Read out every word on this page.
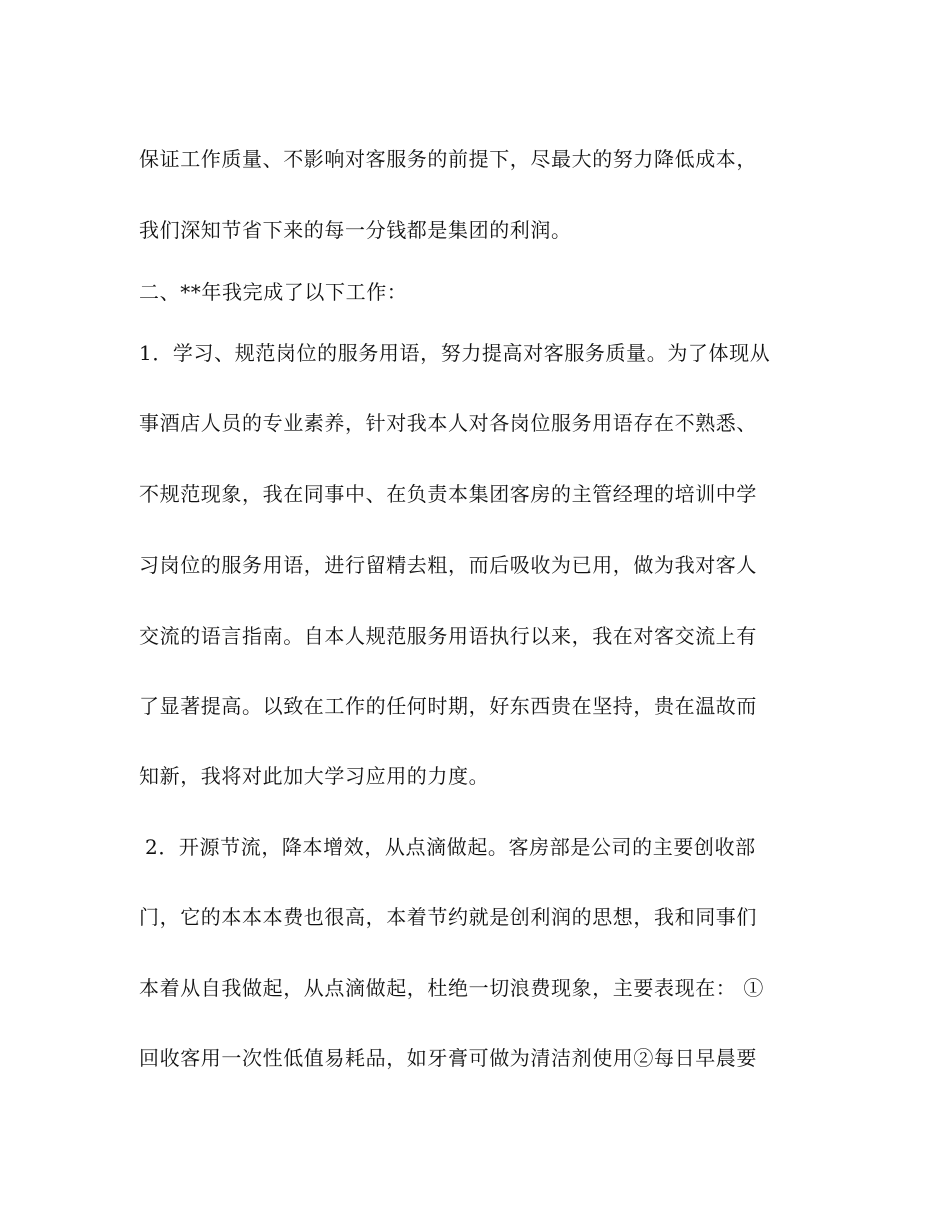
保证工作质量、不影响对客服务的前提下，尽最大的努力降低成本，
我们深知节省下来的每一分钱都是集团的利润。
二、**年我完成了以下工作：
1．学习、规范岗位的服务用语，努力提高对客服务质量。为了体现从
事酒店人员的专业素养，针对我本人对各岗位服务用语存在不熟悉、
不规范现象，我在同事中、在负责本集团客房的主管经理的培训中学
习岗位的服务用语，进行留精去粗，而后吸收为已用，做为我对客人
交流的语言指南。自本人规范服务用语执行以来，我在对客交流上有
了显著提高。以致在工作的任何时期，好东西贵在坚持，贵在温故而
知新，我将对此加大学习应用的力度。
2．开源节流，降本增效，从点滴做起。客房部是公司的主要创收部
门，它的本本本费也很高，本着节约就是创利润的思想，我和同事们
本着从自我做起，从点滴做起，杜绝一切浪费现象，主要表现在： ①
回收客用一次性低值易耗品，如牙膏可做为清洁剂使用②每日早晨要
